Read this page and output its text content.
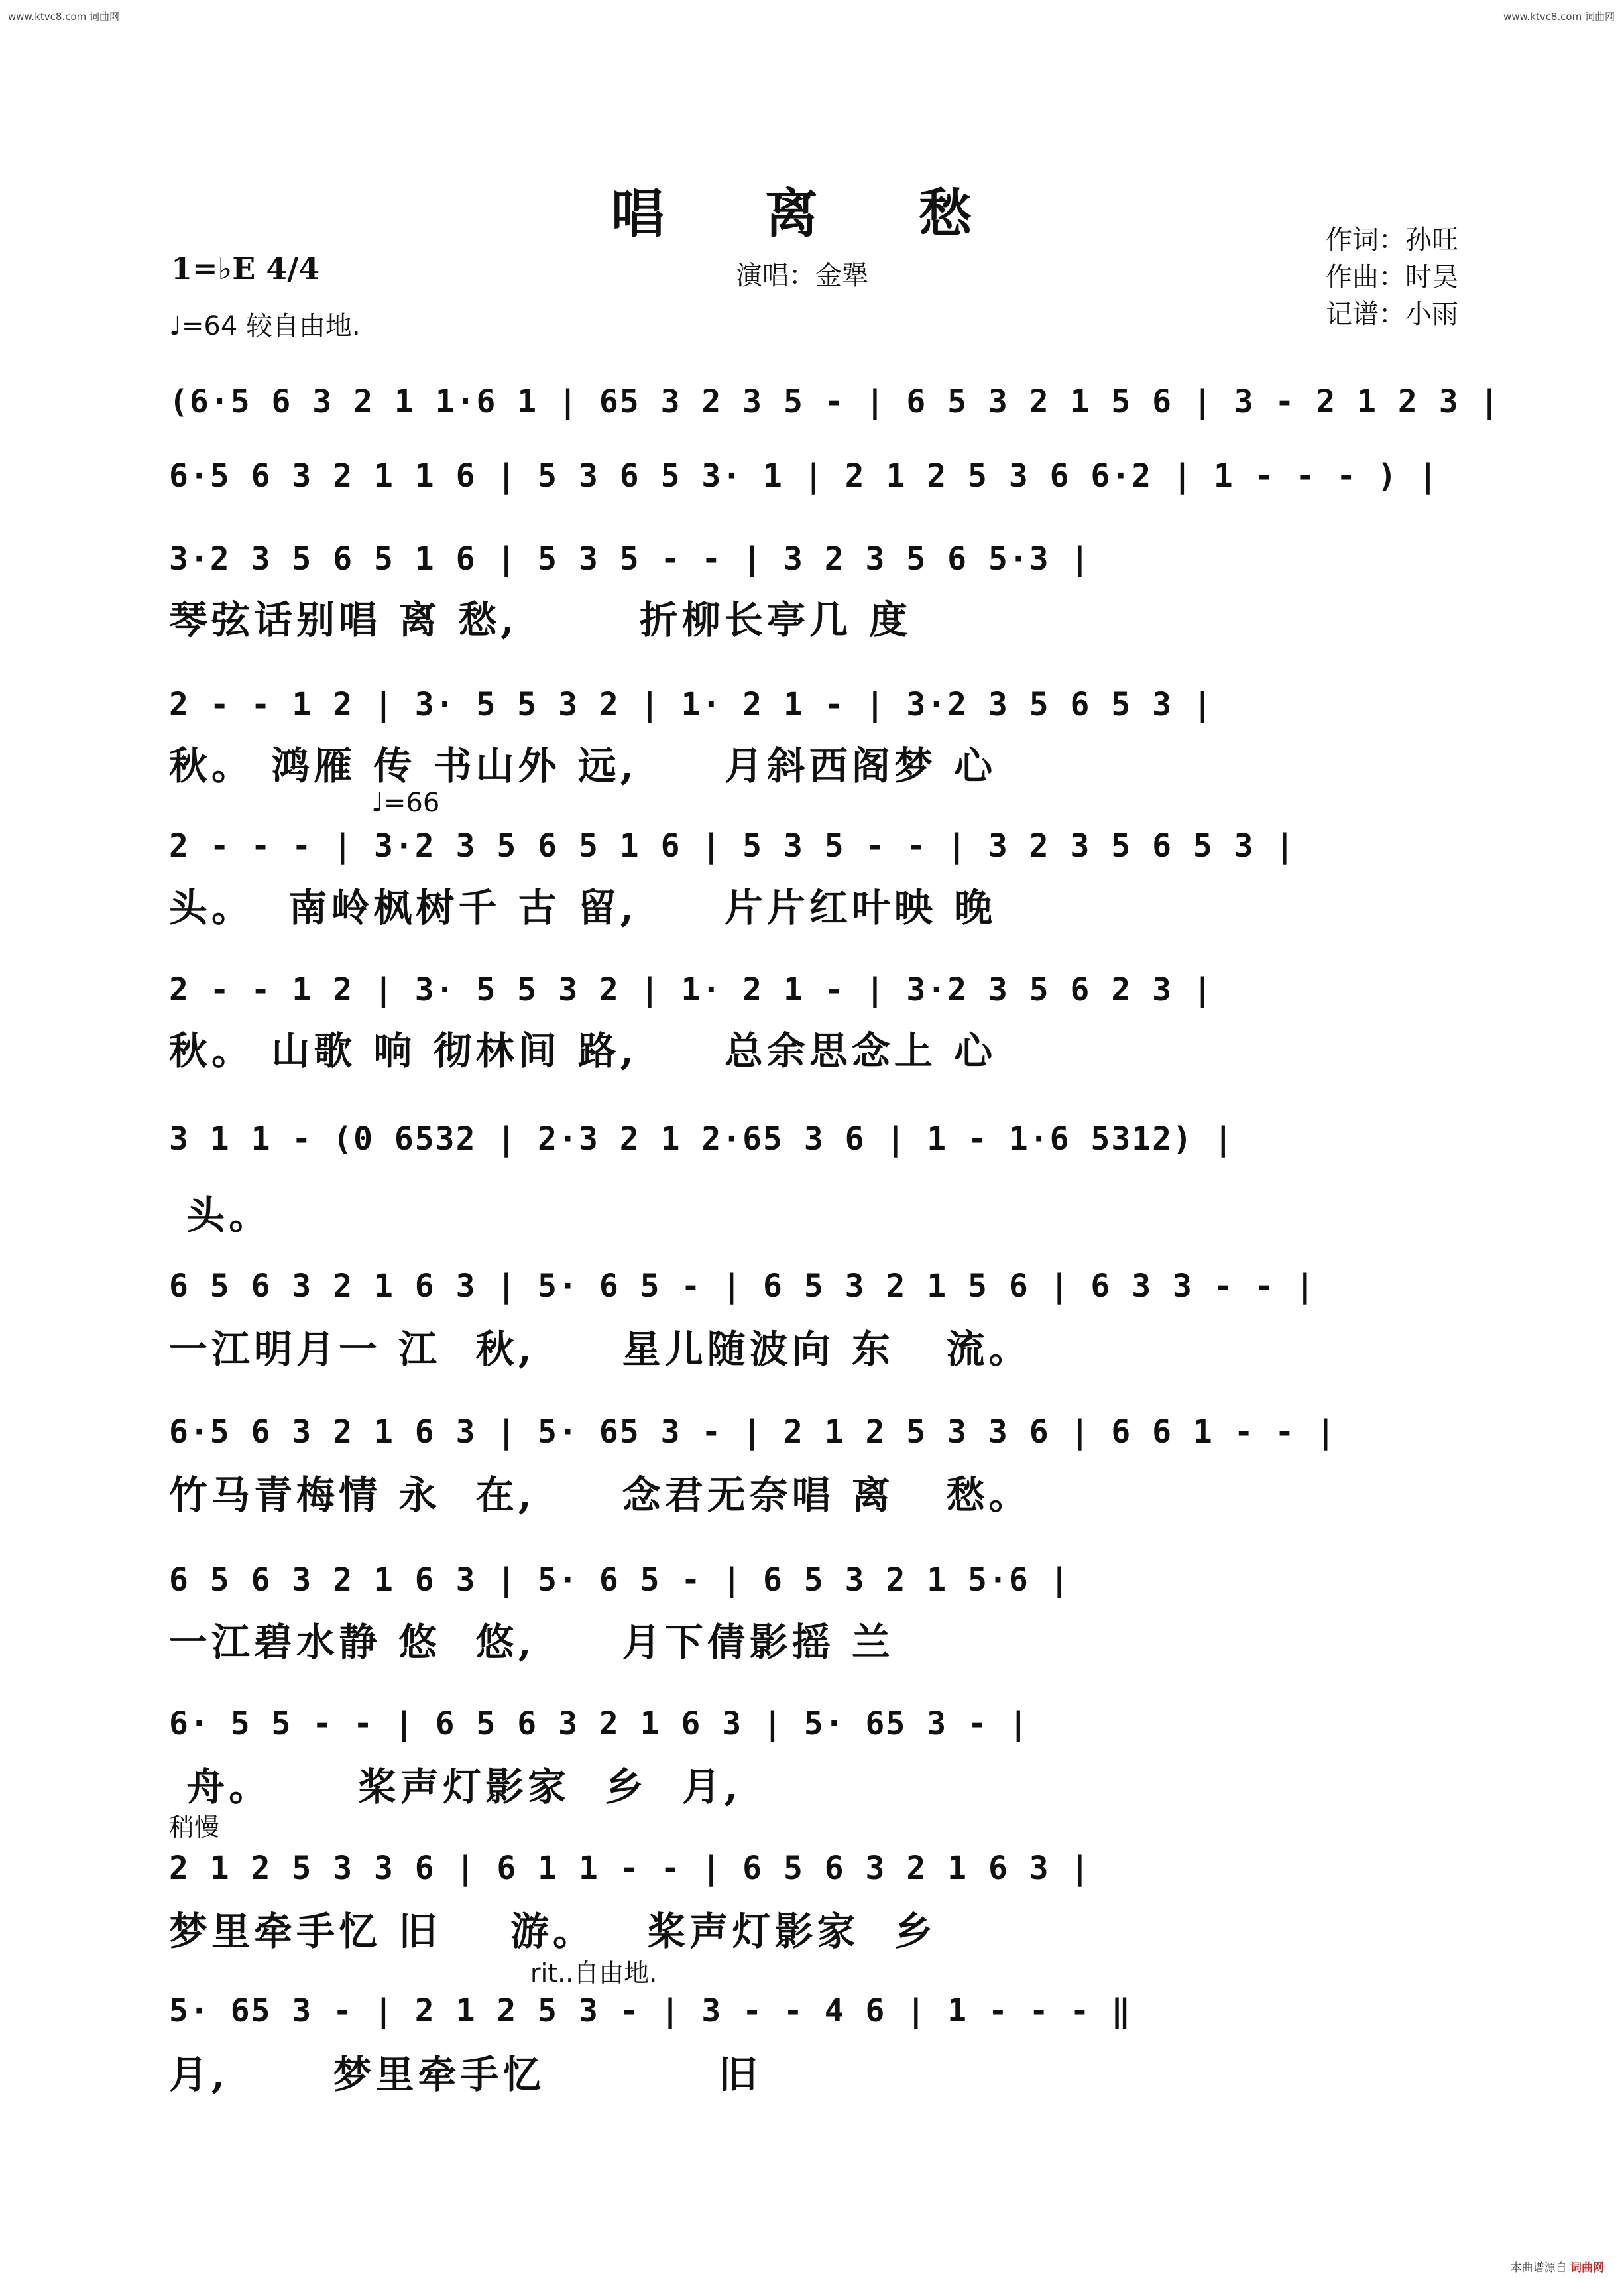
www.ktvc8.com 词曲网	www.ktvc8.com 词曲网
唱 离 愁	作词：孙旺
作曲：时昊
记谱：小雨
演唱：金犟
1=♭E 4/4
♩=64 较自由地.
♩=66
(6·5 6 3 2 1 1·6 1 | 65 3 2 3 5 - | 6 5 3 2 1 5 6 | 3 - 2 1 2 3 |
6·5 6 3 2 1 1 6 | 5 3 6 5 3· 1 | 2 1 2 5 3 6 6·2 | 1 - - - ) |
3·2 3 5 6 5 1 6 | 5 3 5 - - | 3 2 3 5 6 5·3 |
琴弦话别唱 离 愁,       折柳长亭几 度
2 - - 1 2 | 3· 5 5 3 2 | 1· 2 1 - | 3·2 3 5 6 5 3 |
秋。 鸿雁 传 书山外 远,     月斜西阁梦 心
2 - - - | 3·2 3 5 6 5 1 6 | 5 3 5 - - | 3 2 3 5 6 5 3 |
头。  南岭枫树千 古 留,     片片红叶映 晚
2 - - 1 2 | 3· 5 5 3 2 | 1· 2 1 - | 3·2 3 5 6 2 3 |
秋。 山歌 响 彻林间 路,     总余思念上 心
3 1 1 - (0 6532 | 2·3 2 1 2·65 3 6 | 1 - 1·6 5312) |
头。
6 5 6 3 2 1 6 3 | 5· 6 5 - | 6 5 3 2 1 5 6 | 6 3 3 - - |
一江明月一 江  秋,     星儿随波向 东   流。
6·5 6 3 2 1 6 3 | 5· 65 3 - | 2 1 2 5 3 3 6 | 6 6 1 - - |
竹马青梅情 永  在,     念君无奈唱 离   愁。
6 5 6 3 2 1 6 3 | 5· 6 5 - | 6 5 3 2 1 5·6 |
一江碧水静 悠  悠,     月下倩影摇 兰
6· 5 5 - - | 6 5 6 3 2 1 6 3 | 5· 65 3 - |
舟。     桨声灯影家  乡  月,
稍慢
2 1 2 5 3 3 6 | 6 1 1 - - | 6 5 6 3 2 1 6 3 |
梦里牵手忆 旧    游。   桨声灯影家  乡
rit..自由地.
5· 65 3 - | 2 1 2 5 3 - | 3 - - 4 6 | 1 - - - ‖
月,      梦里牵手忆          旧
本曲谱源自 词曲网
